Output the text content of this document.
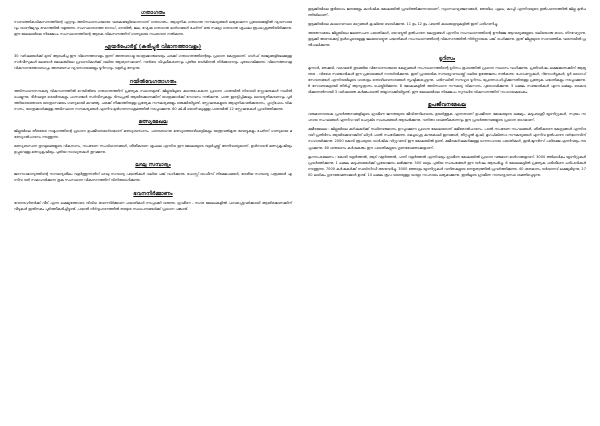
ഗതാഗതം

സാമ്പത്തികവികസനത്തിന്റെ ഏറ്റവും അടിസ്ഥാനപരമായ ഘടകങ്ങളിലൊന്നാണ് ഗതാഗതം. ആധുനിക ഗതാഗത സൗകര്യങ്ങൾ ലഭ്യമാകുന്ന പ്രദേശങ്ങളിൽ വ്യവസായവും വാണിജ്യവും വേഗത്തിൽ വളരുന്നു. സംസ്ഥാനത്തെ റോഡ്, റെയിൽ, ജല, വ്യോമ ഗതാഗത മാർഗങ്ങൾ ചേർന്ന് ഒരു സമഗ്ര ഗതാഗത ശൃംഖല രൂപപ്പെടുത്തിയിരിക്കുന്നു. ഈ മേഖലയിലെ നിക്ഷേപം സംസ്ഥാനത്തിന്റെ ആകെ വികസനത്തിന് ഗണ്യമായ സംഭാവന നൽകുന്നു.

എയർപോർട്ട് (കരിപ്പൂർ വിമാനത്താവളം)

30 വർഷങ്ങൾക്ക് മുമ്പ് ആരംഭിച്ച ഈ വിമാനത്താവളം ഇന്ന് അന്താരാഷ്ട്ര യാത്രക്കാരുടെയും ചരക്ക് ഗതാഗതത്തിന്റെയും പ്രധാന കേന്ദ്രമാണ്. ഗൾഫ് രാജ്യങ്ങളിലേക്കുള്ള സർവീസുകൾ മലബാർ മേഖലയിലെ പ്രവാസികൾക്ക് വലിയ ആശ്വാസമാണ്. റൺവേ വിപുലീകരണവും പുതിയ ടെർമിനൽ നിർമ്മാണവും പുരോഗമിക്കുന്നു. വിമാനത്താവള വികസനത്തോടൊപ്പം അനുബന്ധ വ്യവസായങ്ങളും ടൂറിസവും വളർച്ച നേടുന്നു.

റയിൽവേഗതാഗതം

അടിസ്ഥാനസൗകര്യ വികസനത്തിൽ റെയിൽവേ ഗതാഗതത്തിന് പ്രത്യേക സ്ഥാനമുണ്ട്. ജില്ലയിലൂടെ കടന്നുപോകുന്ന പ്രധാന പാതയിൽ നിരവധി സ്റ്റേഷനുകൾ സ്ഥിതി ചെയ്യുന്നു. ദീർഘദൂര ട്രെയിനുകളും പാസഞ്ചർ സർവീസുകളും ദിനംപ്രതി ആയിരക്കണക്കിന് യാത്രക്കാർക്ക് സേവനം നൽകുന്നു. പാത ഇരട്ടിപ്പിക്കലും വൈദ്യുതീകരണവും പൂർത്തിയായതോടെ യാത്രാസമയം ഗണ്യമായി കുറഞ്ഞു. ചരക്ക് നീക്കത്തിനുള്ള പ്രത്യേക സൗകര്യങ്ങളും ഒരുക്കിയിട്ടുണ്ട്. സ്റ്റേഷനുകളുടെ ആധുനികവൽക്കരണം, പ്ലാറ്റ്ഫോം വികസനം, യാത്രക്കാർക്കുള്ള അടിസ്ഥാന സൗകര്യങ്ങൾ എന്നിവ മുൻഗണനാക്രമത്തിൽ നടപ്പാക്കുന്നു. 60 കി.മീ ദൈർഘ്യമുള്ള പാതയിൽ 12 സ്റ്റേഷനുകൾ പ്രവർത്തിക്കുന്നു.

മത്സ്യമേഖല

ജില്ലയിലെ തീരദേശ സമൂഹത്തിന്റെ പ്രധാന ഉപജീവനമാർഗമാണ് മത്സ്യബന്ധനം. പരമ്പരാഗത മത്സ്യത്തൊഴിലാളികളും യന്ത്രവൽകൃത ബോട്ടുകളും ചേർന്ന് ഗണ്യമായ മത്സ്യോൽപാദനം നടത്തുന്നു.

മത്സ്യബന്ധന തുറമുഖങ്ങളുടെ വികസനം, സംഭരണ സംവിധാനങ്ങൾ, ശീതീകരണ ശൃംഖല എന്നിവ ഈ മേഖലയുടെ വളർച്ചയ്ക്ക് അനിവാര്യമാണ്. ഉൾനാടൻ മത്സ്യകൃഷിയും ഉപ്പുവെള്ള മത്സ്യകൃഷിയും പുതിയ സാധ്യതകൾ തുറക്കുന്നു.

ലഘു സമ്പാദ്യം

ജനസാമാന്യത്തിന്റെ സമ്പാദ്യശീലം വളർത്തുന്നതിന് ലഘു സമ്പാദ്യ പദ്ധതികൾ വലിയ പങ്ക് വഹിക്കുന്നു. പോസ്റ്റ് ഓഫീസ് നിക്ഷേപങ്ങൾ, ദേശീയ സമ്പാദ്യ പത്രങ്ങൾ എന്നിവ വഴി സമാഹരിക്കുന്ന തുക സംസ്ഥാന വികസനത്തിന് വിനിയോഗിക്കുന്നു.

ഭവനനിർമ്മാണം

ഭവനരഹിതർക്ക് വീട് എന്ന ലക്ഷ്യത്തോടെ വിവിധ ഭവനനിർമ്മാണ പദ്ധതികൾ നടപ്പാക്കി വരുന്നു. ഗ്രാമീണ - നഗര മേഖലകളിൽ പാവപ്പെട്ടവർക്കായി ആയിരക്കണക്കിന് വീടുകൾ ഇതിനകം പൂർത്തീകരിച്ചിട്ടുണ്ട്. പദ്ധതി നിർവ്വഹണത്തിൽ തദ്ദേശ സ്ഥാപനങ്ങൾക്ക് പ്രധാന പങ്കുണ്ട്.

ഇടുക്കിയിലെ ഭൂരിഭാഗം ജനങ്ങളും കാർഷിക മേഖലയിൽ പ്രവർത്തിക്കുന്നവരാണ്. സുഗന്ധവ്യഞ്ജനങ്ങൾ, തേയില, ഏലം, കാപ്പി എന്നിവയുടെ ഉൽപാദനത്തിൽ ജില്ല മുൻപന്തിയിലാണ്.

ഇടുക്കിയിലെ കാലാവസ്ഥാ മാറ്റങ്ങൾ കൃഷിയെ ബാധിക്കുന്നു. 11 ഉം 12 ഉം പദ്ധതി കാലയളവുകളിൽ ഇത് പരിഗണിച്ചു.

അതേസമയം ജില്ലയിലെ ജലസേചന പദ്ധതികൾ, വൈദ്യുതി ഉൽപാദന കേന്ദ്രങ്ങൾ എന്നിവ സംസ്ഥാനത്തിന്റെ ഊർജ്ജ ആവശ്യങ്ങളുടെ വലിയൊരു ഭാഗം നിറവേറ്റുന്നു. ഇടുക്കി അണക്കെട്ട് ഉൾപ്പെടെയുള്ള ജലവൈദ്യുത പദ്ധതികൾ സംസ്ഥാനത്തിന്റെ വികസനത്തിൽ നിർണ്ണായക പങ്ക് വഹിക്കുന്നു. ഇത് ജില്ലയുടെ സാമ്പത്തിക ഘടനയിൽ പ്രതിഫലിക്കുന്നു.

ടൂറിസം

മൂന്നാർ, തേക്കടി, വാഗമൺ തുടങ്ങിയ വിനോദസഞ്ചാര കേന്ദ്രങ്ങൾ സംസ്ഥാനത്തിന്റെ ടൂറിസം ഭൂപടത്തിൽ പ്രധാന സ്ഥാനം വഹിക്കുന്നു. പ്രതിവർഷം ലക്ഷക്കണക്കിന് ആഭ്യന്തര - വിദേശ സഞ്ചാരികൾ ഈ പ്രദേശങ്ങൾ സന്ദർശിക്കുന്നു. ഇത് പ്രാദേശിക സമ്പദ്വ്യവസ്ഥയ്ക്ക് വലിയ ഉത്തേജനം നൽകുന്നു. ഹോംസ്റ്റേകൾ, റിസോർട്ടുകൾ, ടൂർ ഗൈഡ് സേവനങ്ങൾ എന്നിവയിലൂടെ ധാരാളം തൊഴിലവസരങ്ങൾ സൃഷ്ടിക്കപ്പെടുന്നു. പരിസ്ഥിതി സൗഹൃദ ടൂറിസം പ്രോത്സാഹിപ്പിക്കുന്നതിനുള്ള പ്രത്യേക പദ്ധതികളും നടപ്പാക്കുന്നു. 6 സോണുകളായി തിരിച്ച് ആസൂത്രണം ചെയ്തിരിക്കുന്നു. 8 മേഖലകളിൽ അടിസ്ഥാന സൗകര്യ വികസനം പുരോഗമിക്കുന്നു. 5 ലക്ഷം സഞ്ചാരികൾ എന്ന ലക്ഷ്യം കൈവരിക്കുന്നതിനായി 3 വർഷത്തെ കർമ്മപദ്ധതി തയ്യാറാക്കിയിട്ടുണ്ട്. ഈ മേഖലയിലെ നിക്ഷേപം സുസ്ഥിര വികസനത്തിന് സഹായകമാകും.

ഉപജീവനമേഖല

വരുമാനദായക പ്രവർത്തനങ്ങളിലൂടെ ഗ്രാമീണ ജനതയുടെ ജീവിതനിലവാരം ഉയർത്തുക എന്നതാണ് ഉപജീവന മേഖലയുടെ ലക്ഷ്യം. കുടുംബശ്രീ യൂണിറ്റുകൾ, സ്വയം സഹായ സംഘങ്ങൾ എന്നിവ വഴി ചെറുകിട സംരംഭങ്ങൾ ആരംഭിക്കുന്നു. വനിതാ ശാക്തീകരണവും ഈ പ്രവർത്തനങ്ങളുടെ പ്രധാന ഭാഗമാണ്.

ക്ഷീരമേഖല : ജില്ലയിലെ കർഷകർക്ക് സ്ഥിരവരുമാനം ഉറപ്പാക്കുന്ന പ്രധാന മേഖലയാണ് ക്ഷീരോൽപാദനം. പാൽ സംഭരണ സംഘങ്ങൾ, ശീതീകരണ കേന്ദ്രങ്ങൾ എന്നിവ വഴി പ്രതിദിനം ആയിരക്കണക്കിന് ലിറ്റർ പാൽ സംഭരിക്കുന്നു. മെച്ചപ്പെട്ട കന്നുകാലി ഇനങ്ങൾ, തീറ്റപ്പുൽ കൃഷി, മൃഗചികിത്സാ സൗകര്യങ്ങൾ എന്നിവ ഉൽപാദന വർദ്ധനവിന് സഹായിക്കുന്നു. 2000 കോടി രൂപയുടെ വാർഷിക വിറ്റുവരവ് ഈ മേഖലയിൽ ഉണ്ട്. ക്ഷീരകർഷകർക്കുള്ള ധനസഹായ പദ്ധതികൾ, ഇൻഷുറൻസ് പരിരക്ഷ എന്നിവയും നടപ്പാക്കുന്നു. 60 ശതമാനം കർഷകരും ഈ പദ്ധതികളുടെ ഗുണഭോക്താക്കളാണ്.

മൃഗസംരക്ഷണം : കോഴി വളർത്തൽ, ആട് വളർത്തൽ, പന്നി വളർത്തൽ എന്നിവയും ഗ്രാമീണ മേഖലയിൽ പ്രധാന വരുമാന മാർഗങ്ങളാണ്. 3000 ത്തിലധികം യൂണിറ്റുകൾ പ്രവർത്തിക്കുന്നു. 1 ലക്ഷം കുടുംബങ്ങൾക്ക് പ്രയോജനം ലഭിക്കുന്നു. 500 ഓളം പുതിയ സംരംഭങ്ങൾ ഈ വർഷം ആരംഭിച്ചു. 6 മേഖലകളിൽ പ്രത്യേക പരിശീലന പരിപാടികൾ നടത്തുന്നു. 7000 കർഷകർക്ക് സബ്സിഡി അനുവദിച്ചു. 3000 ത്തോളം യൂണിറ്റുകൾ വനിതകളുടെ നേതൃത്വത്തിൽ പ്രവർത്തിക്കുന്നു. 40 ശതമാനം വർദ്ധനവ് ലക്ഷ്യമിടുന്നു. 2700 ലധികം ഗുണഭോക്താക്കൾ ഉണ്ട്. 10 ലക്ഷം രൂപ വരെയുള്ള വായ്പാ സഹായം ലഭ്യമാക്കുന്നു. ഇതിലൂടെ ഗ്രാമീണ സമ്പദ്വ്യവസ്ഥ ശക്തിപ്പെടുന്നു.
